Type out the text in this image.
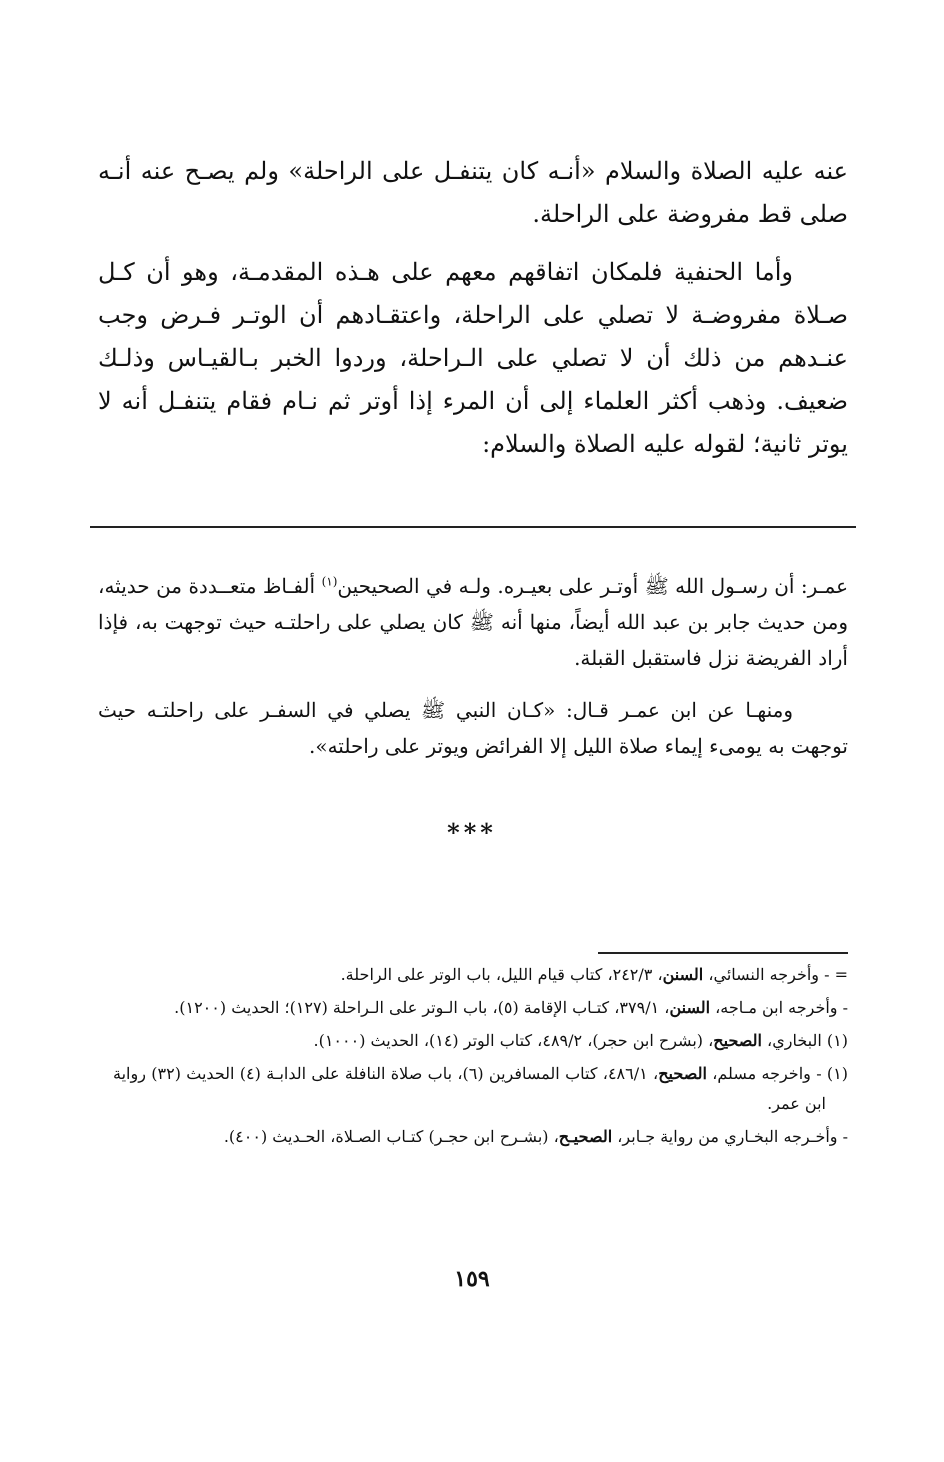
عنه عليه الصلاة والسلام «أنـه كان يتنفـل على الراحلة» ولم يصـح عنه أنـه صلى قط مفروضة على الراحلة.

وأما الحنفية فلمكان اتفاقهم معهم على هـذه المقدمـة، وهو أن كـل صـلاة مفروضـة لا تصلي على الراحلة، واعتقـادهم أن الوتـر فـرض وجب عنـدهم من ذلك أن لا تصلي على الـراحلة، وردوا الخبر بـالقيـاس وذلـك ضعيف. وذهب أكثر العلماء إلى أن المرء إذا أوتر ثم نـام فقام يتنفـل أنه لا يوتر ثانية؛ لقوله عليه الصلاة والسلام:

عمـر: أن رسـول الله ﷺ أوتـر على بعيـره. ولـه في الصحيحين$^{(١)}$ ألفـاظ متعــددة من حديثه، ومن حديث جابر بن عبد الله أيضاً، منها أنه ﷺ كان يصلي على راحلتـه حيث توجهت به، فإذا أراد الفريضة نزل فاستقبل القبلة.

ومنهـا عن ابن عمـر قـال: «كـان النبي ﷺ يصلي في السفـر على راحلتـه حيث توجهت به يومىء إيماء صلاة الليل إلا الفرائض ويوتر على راحلته».

***

= - وأخرجه النسائي، السنن، ٢٤٢/٣، كتاب قيام الليل، باب الوتر على الراحلة.

- وأخرجه ابن مـاجه، السنن، ٣٧٩/١، كتـاب الإقامة (٥)، باب الـوتر على الـراحلة (١٢٧)؛ الحديث (١٢٠٠).

(١) البخاري، الصحيح، (بشرح ابن حجر)، ٤٨٩/٢، كتاب الوتر (١٤)، الحديث (١٠٠٠).

(١) - واخرجه مسلم، الصحيح، ٤٨٦/١، كتاب المسافرين (٦)، باب صلاة النافلة على الدابـة (٤) الحديث (٣٢) رواية ابن عمر.

- وأخـرجه البخـاري من رواية جـابر، الصحيـح، (بشـرح ابن حجـر) كتـاب الصـلاة، الحـديث (٤٠٠).

١٥٩
